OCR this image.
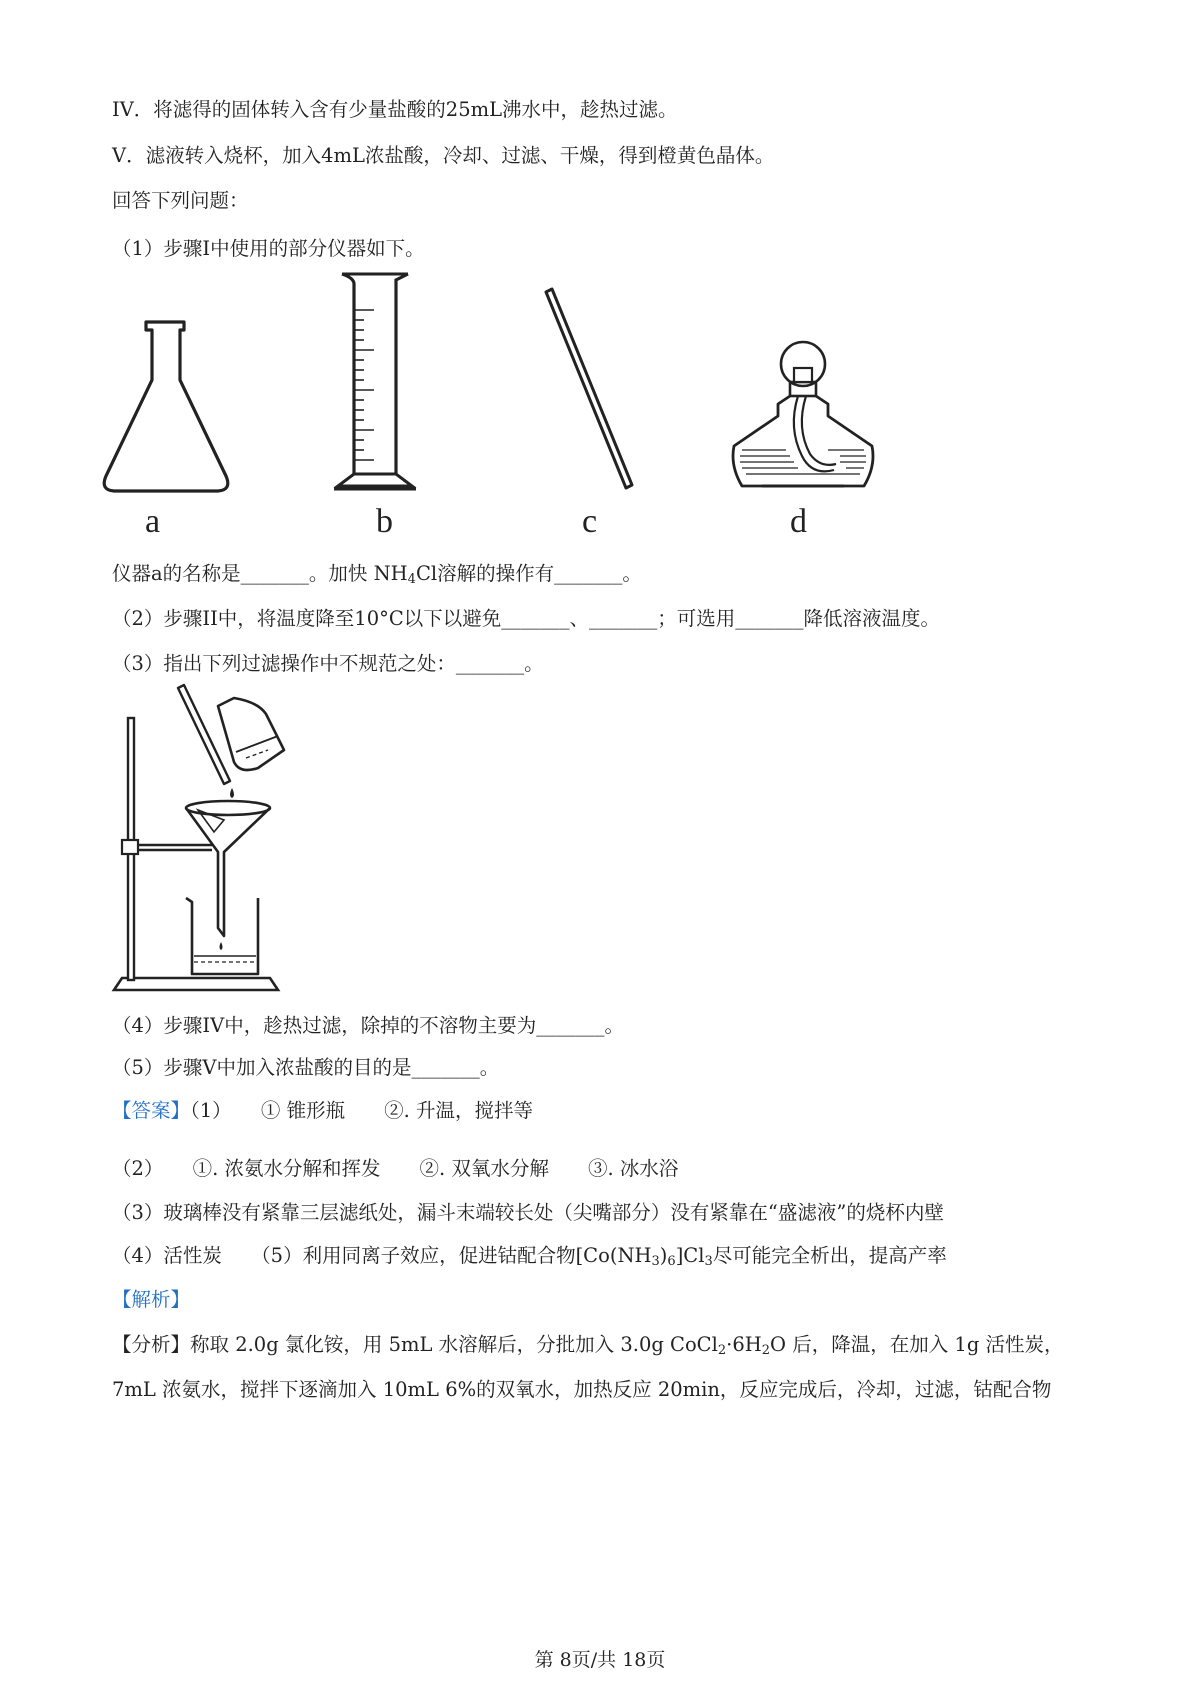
IV．将滤得的固体转入含有少量盐酸的25mL沸水中，趁热过滤。
V．滤液转入烧杯，加入4mL浓盐酸，冷却、过滤、干燥，得到橙黄色晶体。
回答下列问题：
（1）步骤I中使用的部分仪器如下。
a	b	c	d
仪器a的名称是_______。加快 $NH_4Cl$溶解的操作有_______。
（2）步骤II中，将温度降至10°C以下以避免_______、_______；可选用_______降低溶液温度。
（3）指出下列过滤操作中不规范之处：_______。
（4）步骤IV中，趁热过滤，除掉的不溶物主要为_______。
（5）步骤V中加入浓盐酸的目的是_______。
【答案】（1）　　① 锥形瓶　　②. 升温，搅拌等
（2）　　①. 浓氨水分解和挥发　　②. 双氧水分解　　③. 冰水浴
（3）玻璃棒没有紧靠三层滤纸处，漏斗末端较长处（尖嘴部分）没有紧靠在“盛滤液”的烧杯内壁
（4）活性炭　　（5）利用同离子效应，促进钴配合物$[Co(NH_3)_6]Cl_3$尽可能完全析出，提高产率
【解析】
【分析】称取 2.0g 氯化铵，用 5mL 水溶解后，分批加入 3.0g $CoCl_2\cdot 6H_2O$ 后，降温，在加入 1g 活性炭，
7mL 浓氨水，搅拌下逐滴加入 10mL 6%的双氧水，加热反应 20min，反应完成后，冷却，过滤，钴配合物
第 8页/共 18页
